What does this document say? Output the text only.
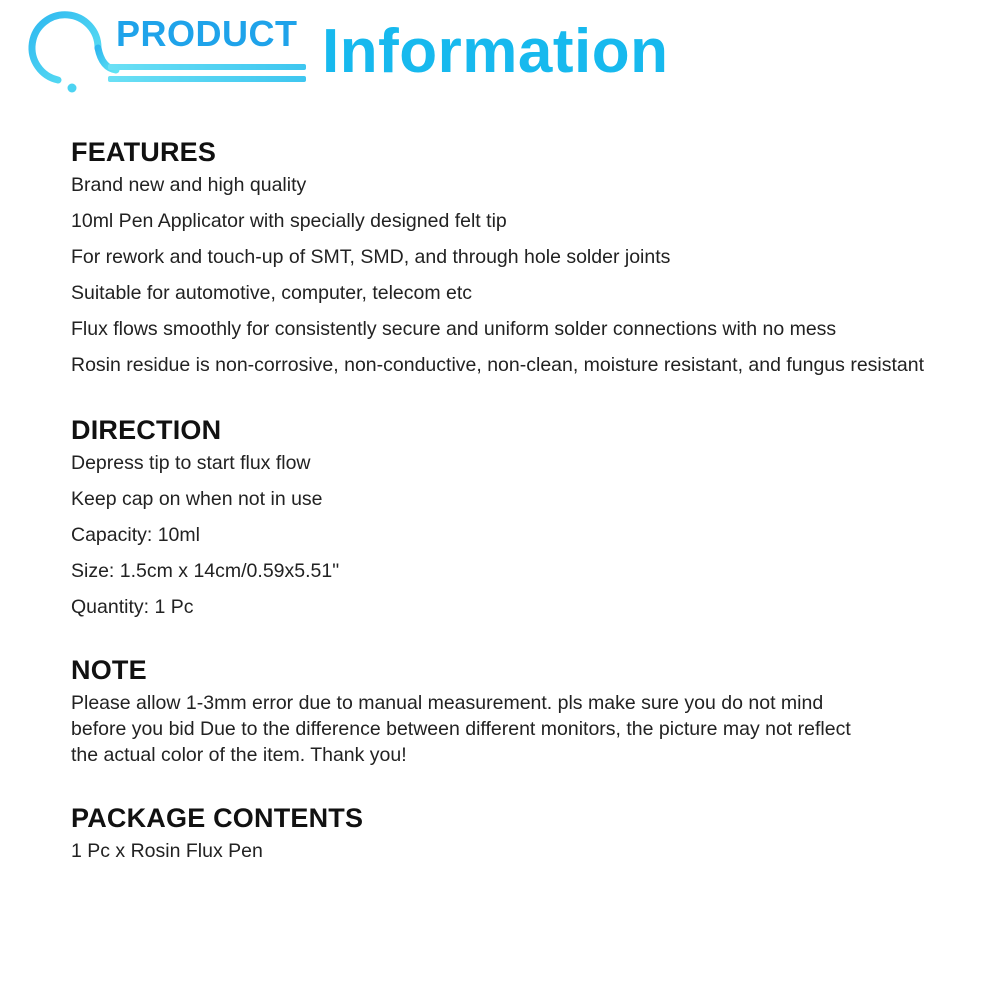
PRODUCT Information
FEATURES

Brand new and high quality

10ml Pen Applicator with specially designed felt tip

For rework and touch-up of SMT, SMD, and through hole solder joints

Suitable for automotive, computer, telecom etc

Flux flows smoothly for consistently secure and uniform solder connections with no mess

Rosin residue is non-corrosive, non-conductive, non-clean, moisture resistant, and fungus resistant

DIRECTION

Depress tip to start flux flow

Keep cap on when not in use

Capacity: 10ml

Size: 1.5cm x 14cm/0.59x5.51"

Quantity: 1 Pc

NOTE

Please allow 1-3mm error due to manual measurement. pls make sure you do not mind before you bid Due to the difference between different monitors, the picture may not reflect the actual color of the item. Thank you!

PACKAGE CONTENTS

1 Pc x Rosin Flux Pen
